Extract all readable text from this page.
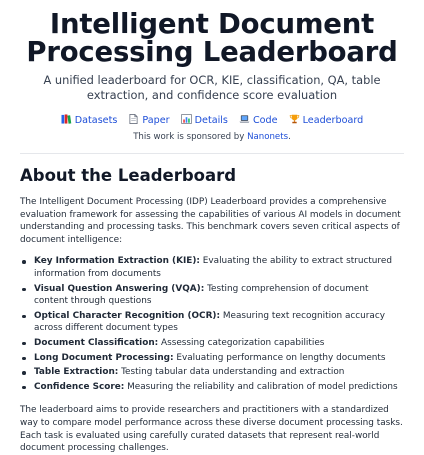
Intelligent Document
Processing Leaderboard

A unified leaderboard for OCR, KIE, classification, QA, table extraction, and confidence score evaluation

Datasets	Paper	Details	Code	Leaderboard
This work is sponsored by Nanonets.
About the Leaderboard

The Intelligent Document Processing (IDP) Leaderboard provides a comprehensive evaluation framework for assessing the capabilities of various AI models in document understanding and processing tasks. This benchmark covers seven critical aspects of document intelligence:

Key Information Extraction (KIE): Evaluating the ability to extract structured information from documents
Visual Question Answering (VQA): Testing comprehension of document content through questions
Optical Character Recognition (OCR): Measuring text recognition accuracy across different document types
Document Classification: Assessing categorization capabilities
Long Document Processing: Evaluating performance on lengthy documents
Table Extraction: Testing tabular data understanding and extraction
Confidence Score: Measuring the reliability and calibration of model predictions

The leaderboard aims to provide researchers and practitioners with a standardized way to compare model performance across these diverse document processing tasks. Each task is evaluated using carefully curated datasets that represent real-world document processing challenges.
